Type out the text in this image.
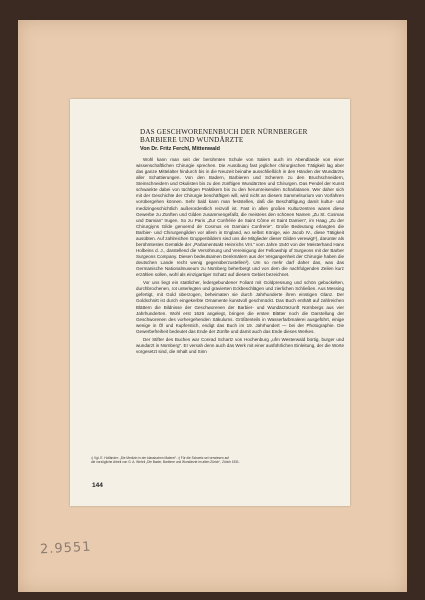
DAS GESCHWORENENBUCH DER NÜRNBERGER BARBIERE UND WUNDÄRZTE
Von Dr. Fritz Ferchl, Mittenwald

Wohl kann man seit der berühmten Schule von Salern auch im Abendlande von einer wissenschaftlichen Chirurgie sprechen. Die Ausübung fast jeglicher chirurgischen Tätigkeit lag aber das ganze Mittelalter hindurch bis in die Neuzeit beinahe ausschließlich in den Händen der Wundärzte aller Schattierungen. Von den Badern, Barbieren und Scherern zu den Bruchschneidern, Steinschneidern und Okulisten bis zu den zünftigen Wundärzten und Chirurgen. Das Pendel der Kunst schwankte dabei von tüchtigen Praktikern bis zu den herumreisenden Scharlatanen. Wer daher sich mit der Geschichte der Chirurgie beschäftigen will, wird nicht an diesem Sammelsurium von Vorfahren vorübergehen können. Sehr bald kann man feststellen, daß die Beschäftigung damit kultur- und medizingeschichtlich außerordentlich reizvoll ist. Fast in allen großen Kulturzentren waren diese Gewerbe zu Zünften und Gilden zusammengefaßt, die meistens den schönen Namen „Zu St. Cosmas und Damian“ trugen. So zu Paris „Zur Confrérie de Saint Côme et Saint Damien“, im Haag „Zu der Chirurgiyns Gilde genoemd de Cosmus en Damiani Confrerie“. Große Bedeutung erlangten die Barbier- und Chirurgengilden vor allem in England, wo selbst Könige, wie Jacob IV., diese Tätigkeit ausübten. Auf zahlreichen Gruppenbildern sind uns die Mitglieder dieser Gilden verewigt¹), darunter als berühmtestes Gemälde der „Parlamentsakt Heinrichs VIII.“ vom Jahre 1540 von der Meisterhand Hans Holbeins d. J., darstellend die Versöhnung und Vereinigung der Fellowship of Surgeons mit der Barber Surgeons Company. Diesen bedeutsamen Denkmälern aus der Vergangenheit der Chirurgie haben die deutschen Lande recht wenig gegenüberzustellen²). Um so mehr darf daher das, was das Germanische Nationalmuseum zu Nürnberg beherbergt und von dem die nachfolgenden Zeilen kurz erzählen sollen, wohl als einzigartiger Schatz auf diesem Gebiet bezeichnet.

Vor uns liegt ein stattlicher, ledergebundener Foliant mit Goldpressung und schön gebuckelten, durchbrochenen, rot unterlegten und gravierten Eckbeschlägen und zierlichen Schließen. Aus Messing gefertigt, mit Gold überzogen, beheimaten sie durch Jahrhunderte ihren einstigen Glanz. Der Goldschnitt ist durch eingekerbte Ornamente kunstvoll geschmückt. Das Buch enthält auf zahlreichen Blättern die Bildnisse der Geschworenen der Barbier- und Wundärztezunft Nürnbergs aus vier Jahrhunderten. Wohl erst 1626 angelegt, bringen die ersten Blätter noch die Darstellung der Geschworenen des vorhergehenden Säkulums. Größtenteils in Wasserfarbmalerei ausgeführt, einige wenige in Öl und Kupferstich, endigt das Buch im 19. Jahrhundert — bei der Photographie. Die Gewerbefreiheit bedeutet das Ende der Zünfte und damit auch das Ende dieses Werkes.

Der Stifter des Buches war Conrad Schartz von Hochenburg „ufm Westerwald bürtig, burger und wundarzt in Nürnberg“. Er versah denn auch das Werk mit einer ausführlichen Einleitung, der die Worte vorgesetzt sind, die Inhalt und Sinn

¹) Vgl. E. Holländer: „Die Medizin in der klassischen Malerei“. ²) Für die Schweiz sei verwiesen auf
die vorzügliche Arbeit von G. A. Wehrli „Die Bader, Barbiere und Wundärzte im alten Zürich“, Zürich 1931.
144
2.9551
